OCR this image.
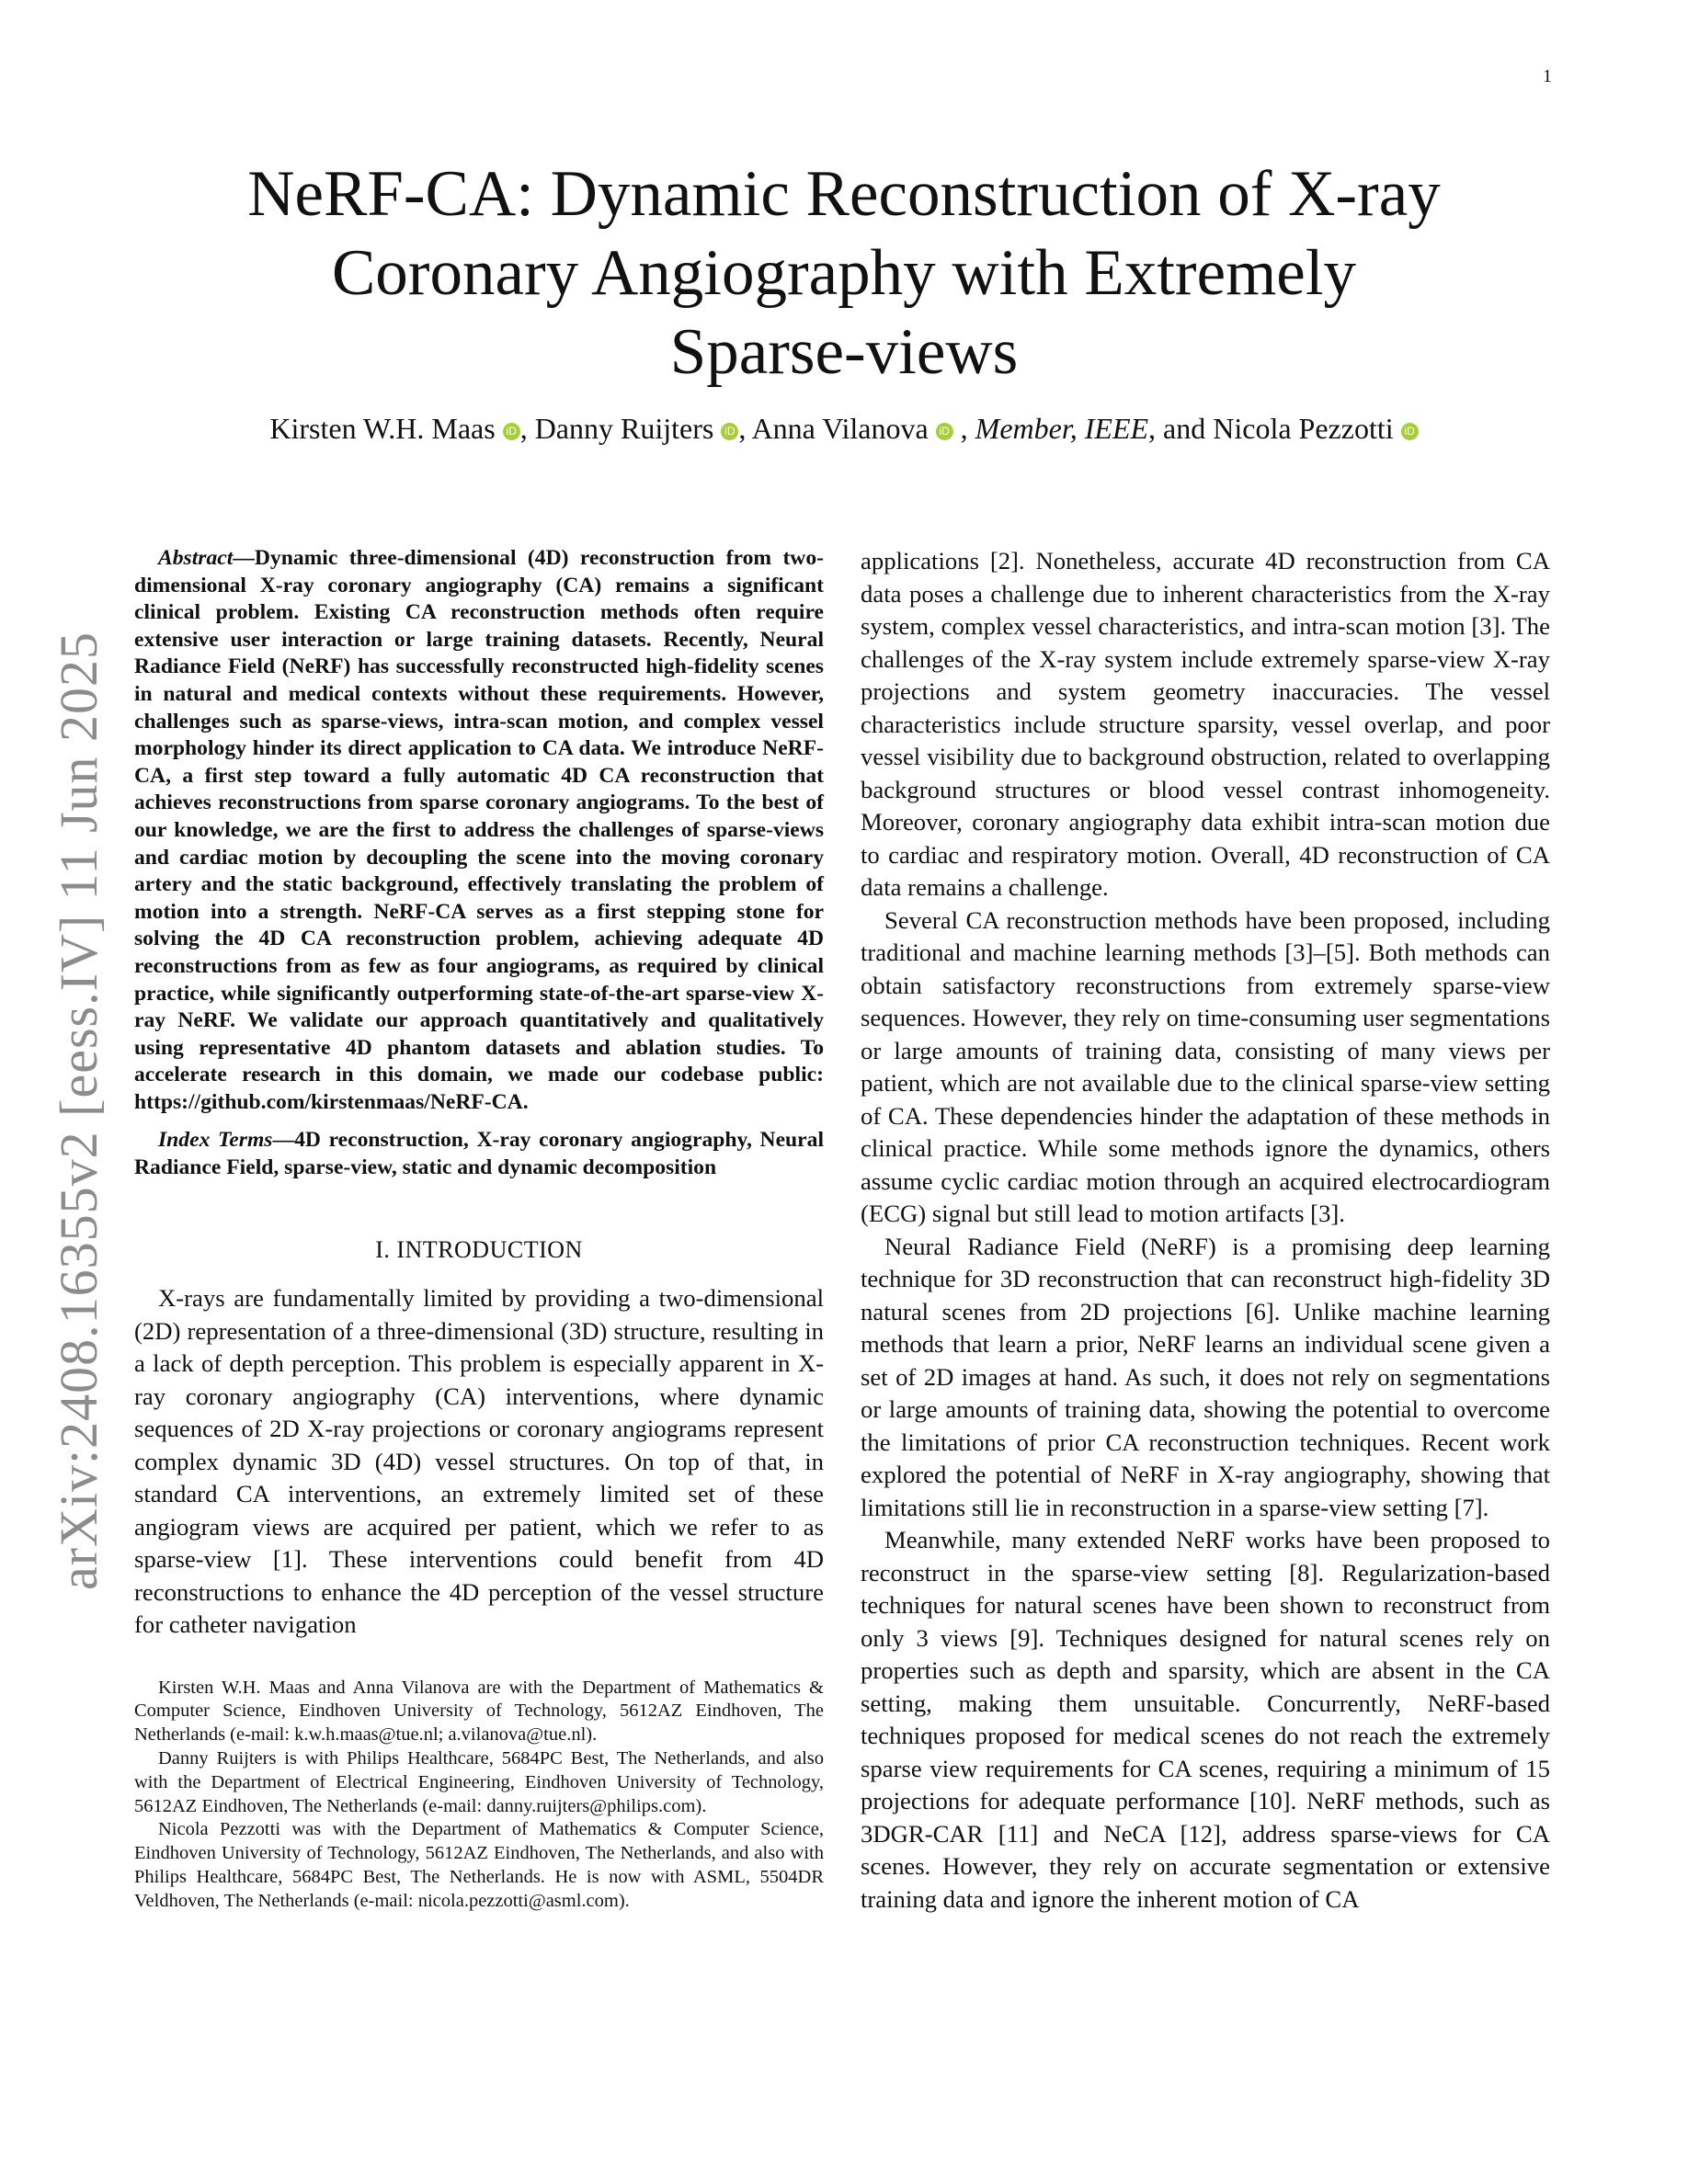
1
arXiv:2408.16355v2 [eess.IV] 11 Jun 2025
NeRF-CA: Dynamic Reconstruction of X-ray
Coronary Angiography with Extremely
Sparse-views
Kirsten W.H. Maas iD , Danny Ruijters iD , Anna Vilanova iD , Member, IEEE, and Nicola Pezzotti iD

Abstract—Dynamic three-dimensional (4D) reconstruction from two-dimensional X-ray coronary angiography (CA) remains a significant clinical problem. Existing CA reconstruction methods often require extensive user interaction or large training datasets. Recently, Neural Radiance Field (NeRF) has successfully reconstructed high-fidelity scenes in natural and medical contexts without these requirements. However, challenges such as sparse-views, intra-scan motion, and complex vessel morphology hinder its direct application to CA data. We introduce NeRF-CA, a first step toward a fully automatic 4D CA reconstruction that achieves reconstructions from sparse coronary angiograms. To the best of our knowledge, we are the first to address the challenges of sparse-views and cardiac motion by decoupling the scene into the moving coronary artery and the static background, effectively translating the problem of motion into a strength. NeRF-CA serves as a first stepping stone for solving the 4D CA reconstruction problem, achieving adequate 4D reconstructions from as few as four angiograms, as required by clinical practice, while significantly outperforming state-of-the-art sparse-view X-ray NeRF. We validate our approach quantitatively and qualitatively using representative 4D phantom datasets and ablation studies. To accelerate research in this domain, we made our codebase public: https://github.com/kirstenmaas/NeRF-CA.

Index Terms—4D reconstruction, X-ray coronary angiography, Neural Radiance Field, sparse-view, static and dynamic decomposition

I. INTRODUCTION

X-rays are fundamentally limited by providing a two-dimensional (2D) representation of a three-dimensional (3D) structure, resulting in a lack of depth perception. This problem is especially apparent in X-ray coronary angiography (CA) interventions, where dynamic sequences of 2D X-ray projections or coronary angiograms represent complex dynamic 3D (4D) vessel structures. On top of that, in standard CA interventions, an extremely limited set of these angiogram views are acquired per patient, which we refer to as sparse-view [1]. These interventions could benefit from 4D reconstructions to enhance the 4D perception of the vessel structure for catheter navigation

Kirsten W.H. Maas and Anna Vilanova are with the Department of Mathematics & Computer Science, Eindhoven University of Technology, 5612AZ Eindhoven, The Netherlands (e-mail: k.w.h.maas@tue.nl; a.vilanova@tue.nl).

Danny Ruijters is with Philips Healthcare, 5684PC Best, The Netherlands, and also with the Department of Electrical Engineering, Eindhoven University of Technology, 5612AZ Eindhoven, The Netherlands (e-mail: danny.ruijters@philips.com).

Nicola Pezzotti was with the Department of Mathematics & Computer Science, Eindhoven University of Technology, 5612AZ Eindhoven, The Netherlands, and also with Philips Healthcare, 5684PC Best, The Netherlands. He is now with ASML, 5504DR Veldhoven, The Netherlands (e-mail: nicola.pezzotti@asml.com).

applications [2]. Nonetheless, accurate 4D reconstruction from CA data poses a challenge due to inherent characteristics from the X-ray system, complex vessel characteristics, and intra-scan motion [3]. The challenges of the X-ray system include extremely sparse-view X-ray projections and system geometry inaccuracies. The vessel characteristics include structure sparsity, vessel overlap, and poor vessel visibility due to background obstruction, related to overlapping background structures or blood vessel contrast inhomogeneity. Moreover, coronary angiography data exhibit intra-scan motion due to cardiac and respiratory motion. Overall, 4D reconstruction of CA data remains a challenge.

Several CA reconstruction methods have been proposed, including traditional and machine learning methods [3]–[5]. Both methods can obtain satisfactory reconstructions from extremely sparse-view sequences. However, they rely on time-consuming user segmentations or large amounts of training data, consisting of many views per patient, which are not available due to the clinical sparse-view setting of CA. These dependencies hinder the adaptation of these methods in clinical practice. While some methods ignore the dynamics, others assume cyclic cardiac motion through an acquired electrocardiogram (ECG) signal but still lead to motion artifacts [3].

Neural Radiance Field (NeRF) is a promising deep learning technique for 3D reconstruction that can reconstruct high-fidelity 3D natural scenes from 2D projections [6]. Unlike machine learning methods that learn a prior, NeRF learns an individual scene given a set of 2D images at hand. As such, it does not rely on segmentations or large amounts of training data, showing the potential to overcome the limitations of prior CA reconstruction techniques. Recent work explored the potential of NeRF in X-ray angiography, showing that limitations still lie in reconstruction in a sparse-view setting [7].

Meanwhile, many extended NeRF works have been proposed to reconstruct in the sparse-view setting [8]. Regularization-based techniques for natural scenes have been shown to reconstruct from only 3 views [9]. Techniques designed for natural scenes rely on properties such as depth and sparsity, which are absent in the CA setting, making them unsuitable. Concurrently, NeRF-based techniques proposed for medical scenes do not reach the extremely sparse view requirements for CA scenes, requiring a minimum of 15 projections for adequate performance [10]. NeRF methods, such as 3DGR-CAR [11] and NeCA [12], address sparse-views for CA scenes. However, they rely on accurate segmentation or extensive training data and ignore the inherent motion of CA
